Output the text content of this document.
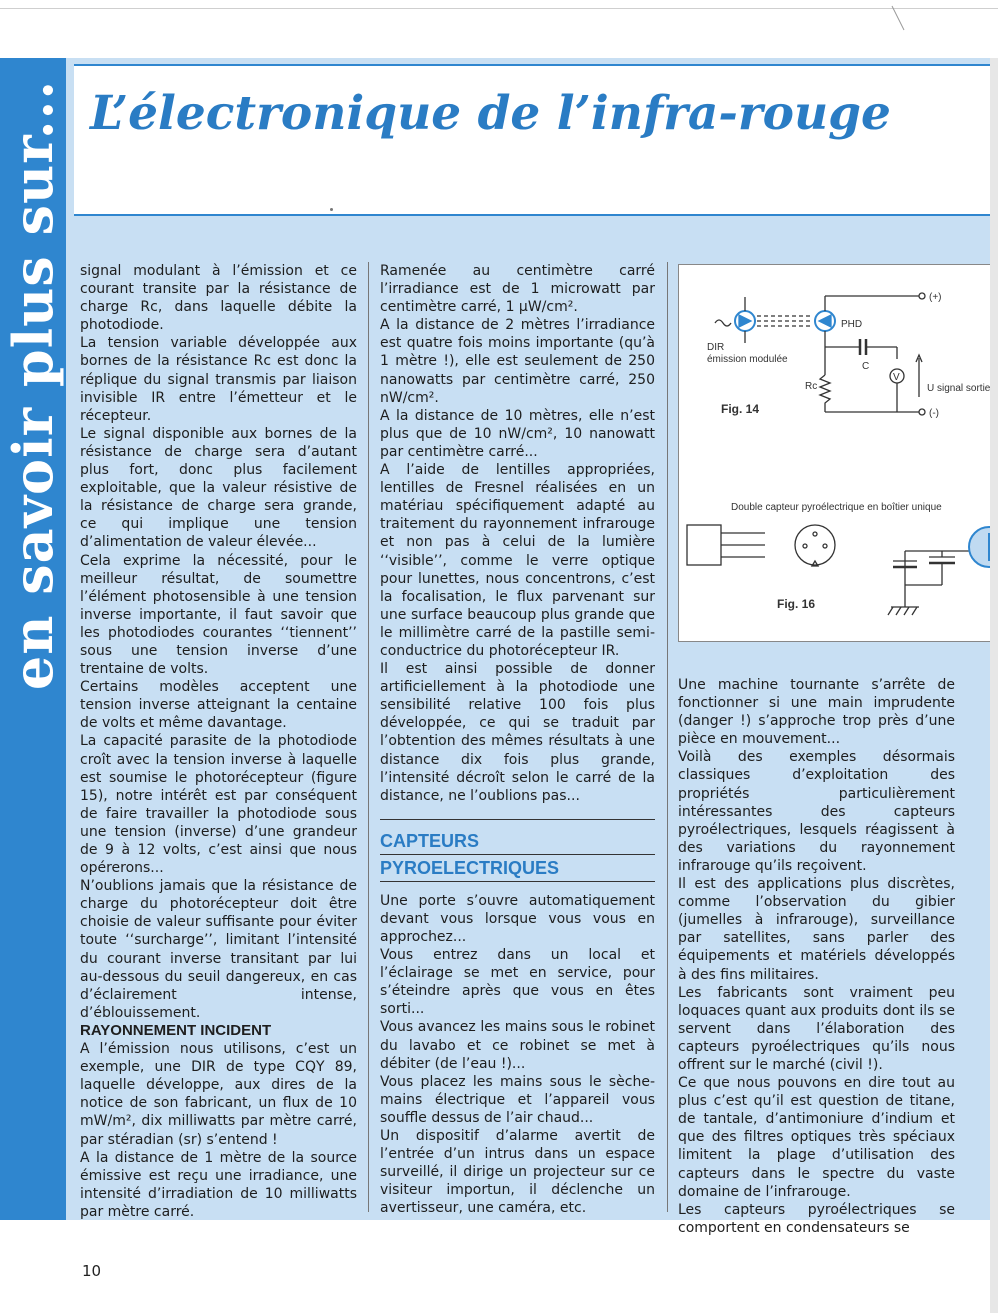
en savoir plus sur... L’électronique de l’infra-rouge

signal modulant à l’émission et ce courant transite par la résistance de charge Rc, dans laquelle débite la photodiode.

La tension variable développée aux bornes de la résistance Rc est donc la réplique du signal transmis par liaison invisible IR entre l’émetteur et le récepteur.

Le signal disponible aux bornes de la résistance de charge sera d’autant plus fort, donc plus facilement exploitable, que la valeur résistive de la résistance de charge sera grande, ce qui implique une tension d’alimentation de valeur élevée...

Cela exprime la nécessité, pour le meilleur résultat, de soumettre l’élément photosensible à une tension inverse importante, il faut savoir que les photodiodes courantes ‘‘tiennent’’ sous une tension inverse d’une trentaine de volts.

Certains modèles acceptent une tension inverse atteignant la centaine de volts et même davantage.

La capacité parasite de la photodiode croît avec la tension inverse à laquelle est soumise le photorécepteur (figure 15), notre intérêt est par conséquent de faire travailler la photodiode sous une tension (inverse) d’une grandeur de 9 à 12 volts, c’est ainsi que nous opérerons...

N’oublions jamais que la résistance de charge du photorécepteur doit être choisie de valeur suffisante pour éviter toute ‘‘surcharge’’, limitant l’intensité du courant inverse transitant par lui au-dessous du seuil dangereux, en cas d’éclairement intense, d’éblouissement.

RAYONNEMENT INCIDENT

A l’émission nous utilisons, c’est un exemple, une DIR de type CQY 89, laquelle développe, aux dires de la notice de son fabricant, un flux de 10 mW/m², dix milliwatts par mètre carré, par stéradian (sr) s’entend !

A la distance de 1 mètre de la source émissive est reçu une irradiance, une intensité d’irradiation de 10 milliwatts par mètre carré.

Ramenée au centimètre carré l’irradiance est de 1 microwatt par centimètre carré, 1 µW/cm².

A la distance de 2 mètres l’irradiance est quatre fois moins importante (qu’à 1 mètre !), elle est seulement de 250 nanowatts par centimètre carré, 250 nW/cm².

A la distance de 10 mètres, elle n’est plus que de 10 nW/cm², 10 nanowatt par centimètre carré...

A l’aide de lentilles appropriées, lentilles de Fresnel réalisées en un matériau spécifiquement adapté au traitement du rayonnement infrarouge et non pas à celui de la lumière ‘‘visible’’, comme le verre optique pour lunettes, nous concentrons, c’est la focalisation, le flux parvenant sur une surface beaucoup plus grande que le millimètre carré de la pastille semi-conductrice du photorécepteur IR.

Il est ainsi possible de donner artificiellement à la photodiode une sensibilité relative 100 fois plus développée, ce qui se traduit par l’obtention des mêmes résultats à une distance dix fois plus grande, l’intensité décroît selon le carré de la distance, ne l’oublions pas...

CAPTEURS
PYROELECTRIQUES

Une porte s’ouvre automatiquement devant vous lorsque vous vous en approchez...

Vous entrez dans un local et l’éclairage se met en service, pour s’éteindre après que vous en êtes sorti...

Vous avancez les mains sous le robinet du lavabo et ce robinet se met à débiter (de l’eau !)...

Vous placez les mains sous le sèche-mains électrique et l’appareil vous souffle dessus de l’air chaud...

Un dispositif d’alarme avertit de l’entrée d’un intrus dans un espace surveillé, il dirige un projecteur sur ce visiteur importun, il déclenche un avertisseur, une caméra, etc.

DIR
émission modulée
PHD
C
Rc
V
(+)
(-)
U signal sortie
Fig. 14
Double capteur pyroélectrique en boîtier unique
Fig. 16

Une machine tournante s’arrête de fonctionner si une main imprudente (danger !) s’approche trop près d’une pièce en mouvement...

Voilà des exemples désormais classiques d’exploitation des propriétés particulièrement intéressantes des capteurs pyroélectriques, lesquels réagissent à des variations du rayonnement infrarouge qu’ils reçoivent.

Il est des applications plus discrètes, comme l’observation du gibier (jumelles à infrarouge), surveillance par satellites, sans parler des équipements et matériels développés à des fins militaires.

Les fabricants sont vraiment peu loquaces quant aux produits dont ils se servent dans l’élaboration des capteurs pyroélectriques qu’ils nous offrent sur le marché (civil !).

Ce que nous pouvons en dire tout au plus c’est qu’il est question de titane, de tantale, d’antimoniure d’indium et que des filtres optiques très spéciaux limitent la plage d’utilisation des capteurs dans le spectre du vaste domaine de l’infrarouge.

Les capteurs pyroélectriques se comportent en condensateurs se

10
